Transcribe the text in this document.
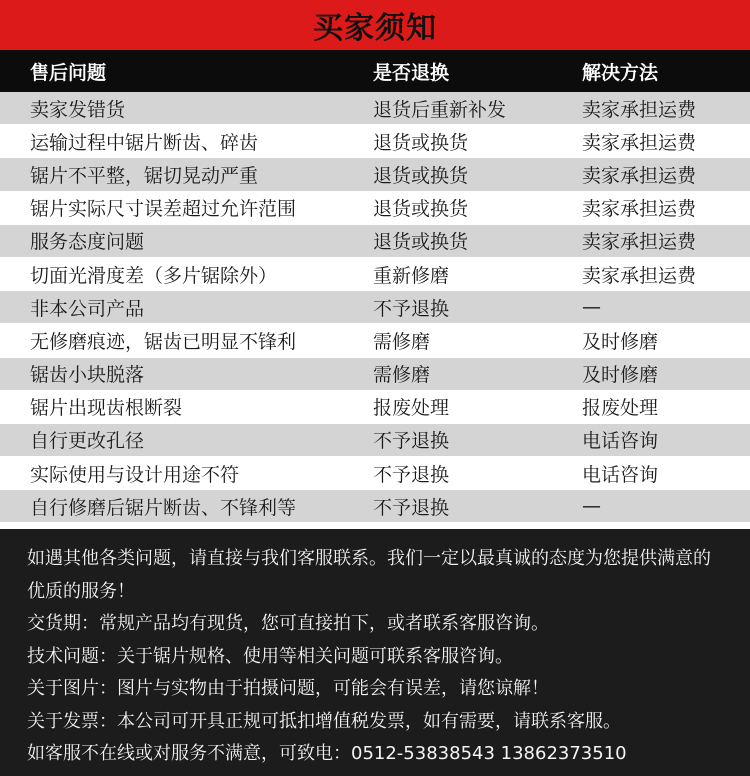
买家须知
售后问题	是否退换	解决方法
卖家发错货	退货后重新补发	卖家承担运费
运输过程中锯片断齿、碎齿	退货或换货	卖家承担运费
锯片不平整，锯切晃动严重	退货或换货	卖家承担运费
锯片实际尺寸误差超过允许范围	退货或换货	卖家承担运费
服务态度问题	退货或换货	卖家承担运费
切面光滑度差（多片锯除外）	重新修磨	卖家承担运费
非本公司产品	不予退换	—
无修磨痕迹，锯齿已明显不锋利	需修磨	及时修磨
锯齿小块脱落	需修磨	及时修磨
锯片出现齿根断裂	报废处理	报废处理
自行更改孔径	不予退换	电话咨询
实际使用与设计用途不符	不予退换	电话咨询
自行修磨后锯片断齿、不锋利等	不予退换	—

如遇其他各类问题，请直接与我们客服联系。我们一定以最真诚的态度为您提供满意的优质的服务！

交货期：常规产品均有现货，您可直接拍下，或者联系客服咨询。

技术问题：关于锯片规格、使用等相关问题可联系客服咨询。

关于图片：图片与实物由于拍摄问题，可能会有误差，请您谅解！

关于发票：本公司可开具正规可抵扣增值税发票，如有需要，请联系客服。

如客服不在线或对服务不满意，可致电：0512-53838543 13862373510
